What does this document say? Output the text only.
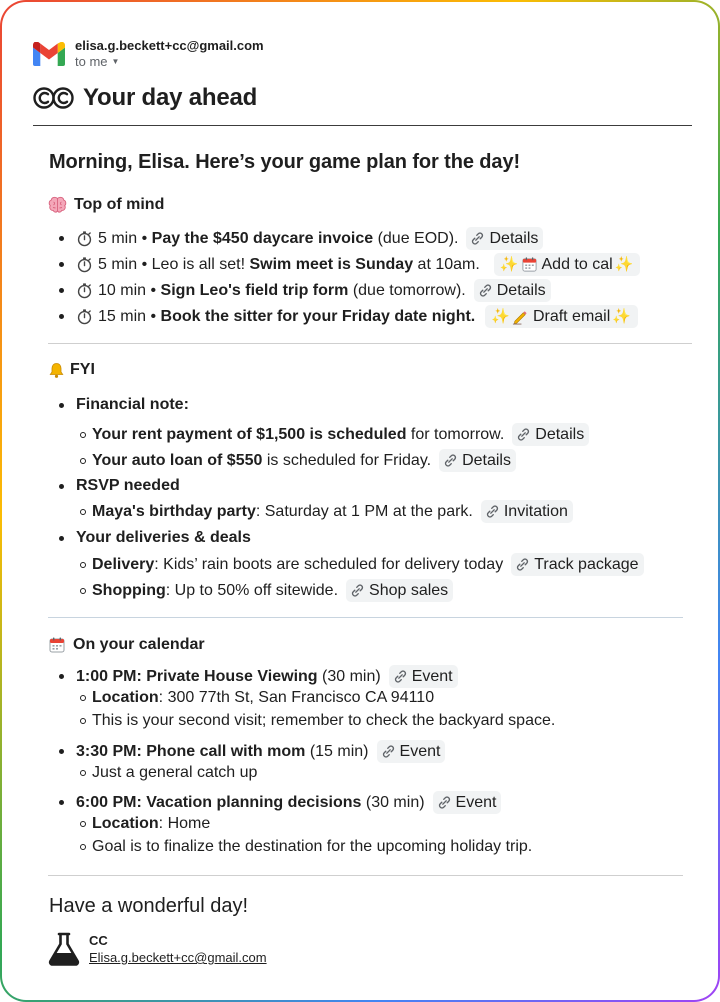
elisa.g.beckett+cc@gmail.com
to me ▼
Your day ahead
Morning, Elisa. Here’s your game plan for the day!
Top of mind
5 min
•
Pay the $450 daycare invoice
(due EOD). Details
5 min
•
Leo is all set!
Swim meet is Sunday
at 10am. ✨ Add to cal ✨
10 min
•
Sign Leo's field trip form
(due tomorrow). Details
15 min
•
Book the sitter for your Friday date night. ✨ Draft email ✨
FYI
Financial note:
Your rent payment of $1,500 is scheduled
for tomorrow. Details
Your auto loan of $550
is scheduled for Friday. Details
RSVP needed
Maya's birthday party : Saturday at 1 PM at the park. Invitation
Your deliveries & deals
Delivery : Kids’ rain boots are scheduled for delivery today Track package
Shopping : Up to 50% off sitewide. Shop sales
On your calendar
1:00 PM: Private House Viewing
(30 min) Event
Location : 300 77th St, San Francisco CA 94110
This is your second visit; remember to check the backyard space.
3:30 PM: Phone call with mom
(15 min) Event
Just a general catch up
6:00 PM: Vacation planning decisions
(30 min) Event
Location : Home
Goal is to finalize the destination for the upcoming holiday trip.
Have a wonderful day!
CC
Elisa.g.beckett+cc@gmail.com
